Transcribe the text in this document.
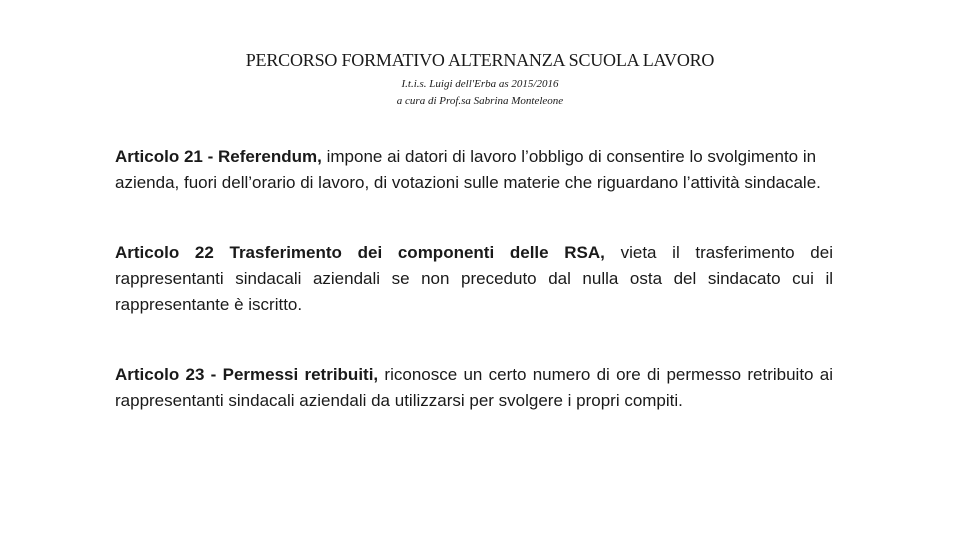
PERCORSO FORMATIVO ALTERNANZA SCUOLA LAVORO
I.t.i.s. Luigi dell'Erba as 2015/2016
a cura di Prof.sa Sabrina Monteleone

Articolo 21 - Referendum, impone ai datori di lavoro l’obbligo di consentire lo svolgimento in azienda, fuori dell’orario di lavoro, di votazioni sulle materie che riguardano l’attività sindacale.

Articolo 22 Trasferimento dei componenti delle RSA, vieta il trasferimento dei rappresentanti sindacali aziendali se non preceduto dal nulla osta del sindacato cui il rappresentante è iscritto.

Articolo 23 - Permessi retribuiti, riconosce un certo numero di ore di permesso retribuito ai rappresentanti sindacali aziendali da utilizzarsi per svolgere i propri compiti.
